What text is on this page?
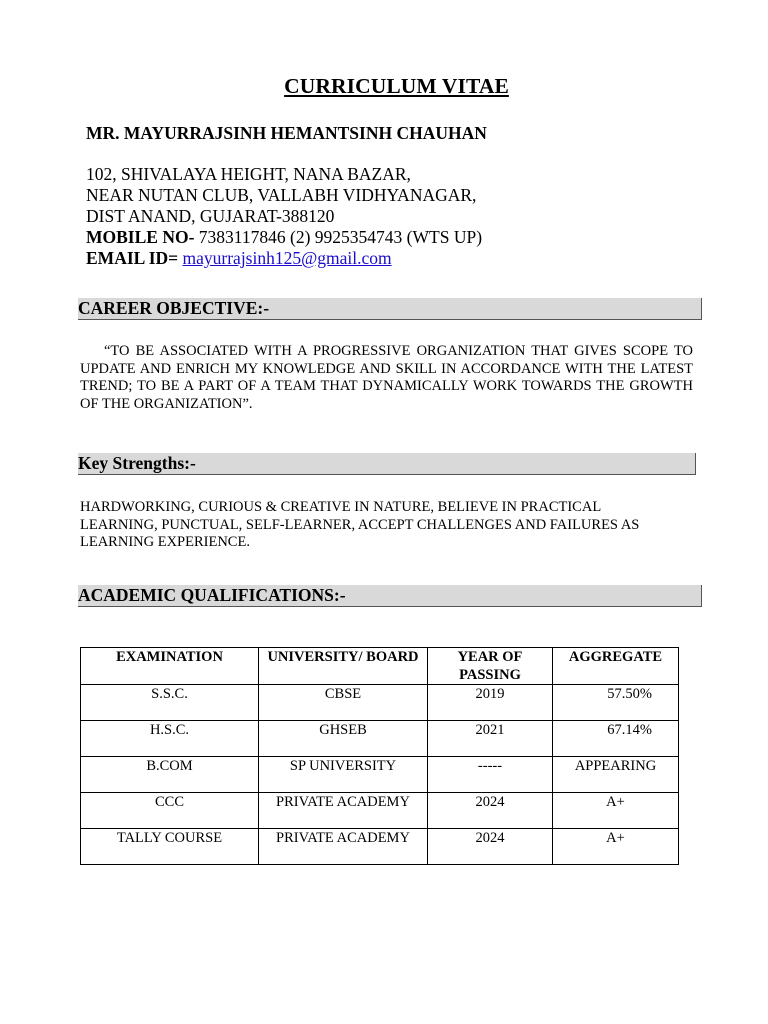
CURRICULUM VITAE
MR. MAYURRAJSINH HEMANTSINH CHAUHAN
102, SHIVALAYA HEIGHT, NANA BAZAR,
NEAR NUTAN CLUB, VALLABH VIDHYANAGAR,
DIST ANAND, GUJARAT-388120
MOBILE NO- 7383117846 (2) 9925354743 (WTS UP)
EMAIL ID= mayurrajsinh125@gmail.com
CAREER OBJECTIVE:-
“TO BE ASSOCIATED WITH A PROGRESSIVE ORGANIZATION THAT GIVES SCOPE TO UPDATE AND ENRICH MY KNOWLEDGE AND SKILL IN ACCORDANCE WITH THE LATEST TREND; TO BE A PART OF A TEAM THAT DYNAMICALLY WORK TOWARDS THE GROWTH OF THE ORGANIZATION”.
Key Strengths:-
HARDWORKING, CURIOUS & CREATIVE IN NATURE, BELIEVE IN PRACTICAL LEARNING, PUNCTUAL, SELF-LEARNER, ACCEPT CHALLENGES AND FAILURES AS LEARNING EXPERIENCE.
ACADEMIC QUALIFICATIONS:-
EXAMINATION	UNIVERSITY/ BOARD	YEAR OF PASSING	AGGREGATE
S.S.C.	CBSE	2019	57.50%
H.S.C.	GHSEB	2021	67.14%
B.COM	SP UNIVERSITY	-----	APPEARING
CCC	PRIVATE ACADEMY	2024	A+
TALLY COURSE	PRIVATE ACADEMY	2024	A+
